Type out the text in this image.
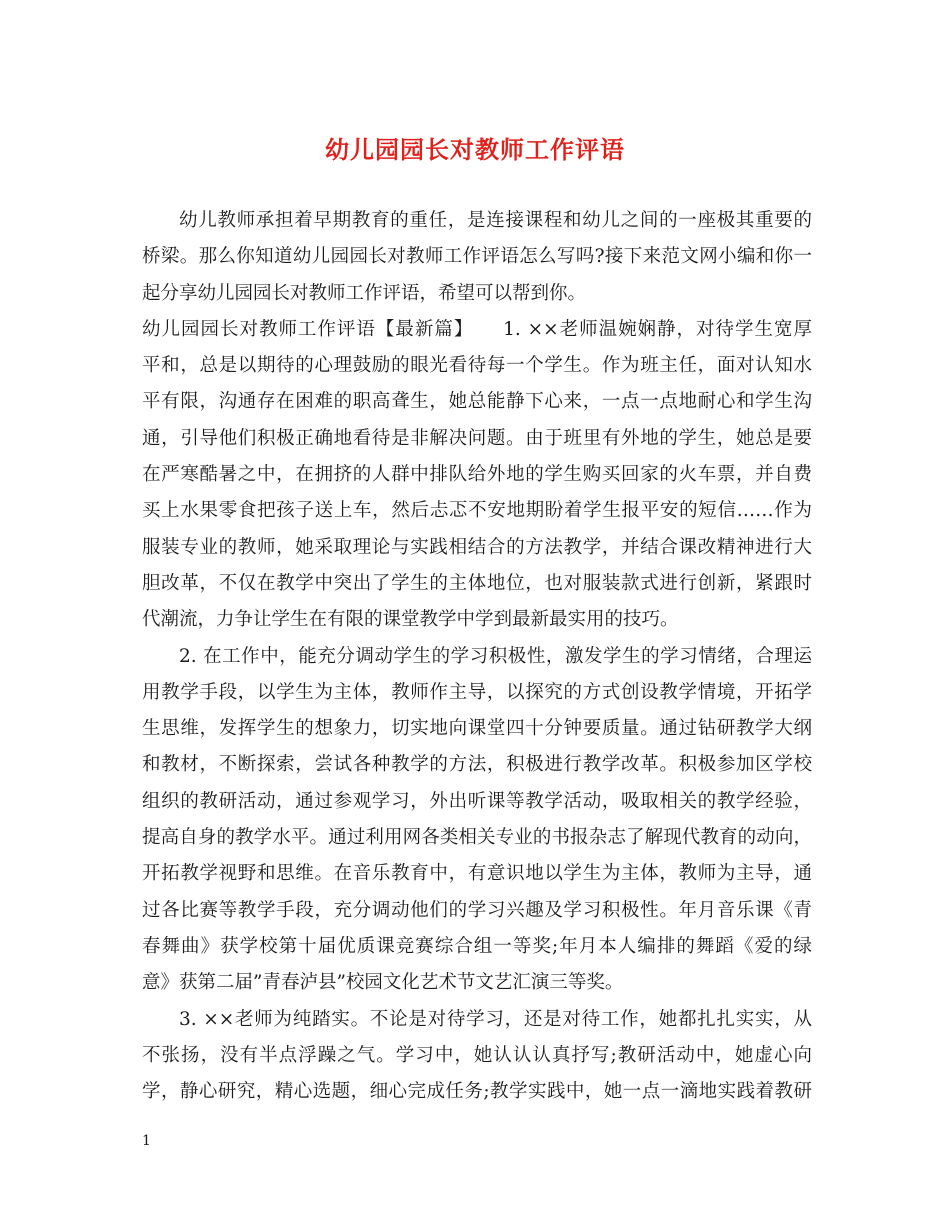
幼儿园园长对教师工作评语
幼儿教师承担着早期教育的重任，是连接课程和幼儿之间的一座极其重要的
桥梁。那么你知道幼儿园园长对教师工作评语怎么写吗?接下来范文网小编和你一
起分享幼儿园园长对教师工作评语，希望可以帮到你。
幼儿园园长对教师工作评语【最新篇】　　1. ××老师温婉娴静，对待学生宽厚
平和，总是以期待的心理鼓励的眼光看待每一个学生。作为班主任，面对认知水
平有限，沟通存在困难的职高聋生，她总能静下心来，一点一点地耐心和学生沟
通，引导他们积极正确地看待是非解决问题。由于班里有外地的学生，她总是要
在严寒酷暑之中，在拥挤的人群中排队给外地的学生购买回家的火车票，并自费
买上水果零食把孩子送上车，然后忐忑不安地期盼着学生报平安的短信……作为
服装专业的教师，她采取理论与实践相结合的方法教学，并结合课改精神进行大
胆改革，不仅在教学中突出了学生的主体地位，也对服装款式进行创新，紧跟时
代潮流，力争让学生在有限的课堂教学中学到最新最实用的技巧。
2. 在工作中，能充分调动学生的学习积极性，激发学生的学习情绪，合理运
用教学手段，以学生为主体，教师作主导，以探究的方式创设教学情境，开拓学
生思维，发挥学生的想象力，切实地向课堂四十分钟要质量。通过钻研教学大纲
和教材，不断探索，尝试各种教学的方法，积极进行教学改革。积极参加区学校
组织的教研活动，通过参观学习，外出听课等教学活动，吸取相关的教学经验，
提高自身的教学水平。通过利用网各类相关专业的书报杂志了解现代教育的动向，
开拓教学视野和思维。在音乐教育中，有意识地以学生为主体，教师为主导，通
过各比赛等教学手段，充分调动他们的学习兴趣及学习积极性。年月音乐课《青
春舞曲》获学校第十届优质课竞赛综合组一等奖;年月本人编排的舞蹈《爱的绿
意》获第二届”青春泸县”校园文化艺术节文艺汇演三等奖。
3. ××老师为纯踏实。不论是对待学习，还是对待工作，她都扎扎实实，从
不张扬，没有半点浮躁之气。学习中，她认认认真抒写;教研活动中，她虚心向
学，静心研究，精心选题，细心完成任务;教学实践中，她一点一滴地实践着教研
1
